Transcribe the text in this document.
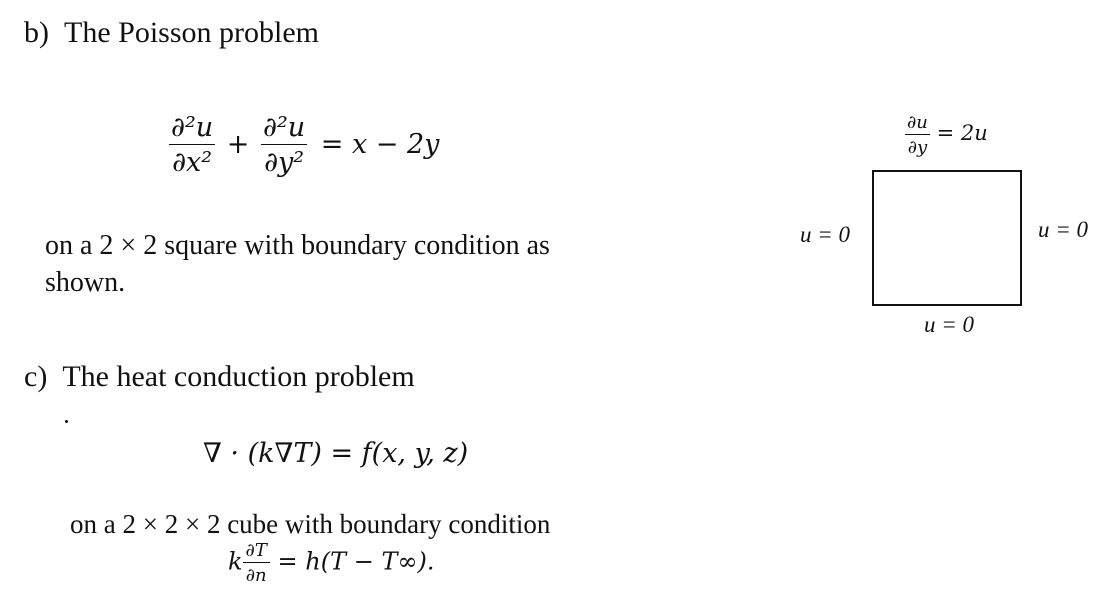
b) The Poisson problem
$\frac{\text{∂²u}}{\text{∂x²}} + \frac{\text{∂²u}}{\text{∂y²}} = x - 2y$
on a 2 × 2 square with boundary condition as
shown.
$\frac{\partial u}{\partial y} = 2u$
u = 0	u = 0
u = 0
c) The heat conduction problem
∇ · (k∇T) = f(x, y, z)
on a 2 × 2 × 2 cube with boundary condition
k $\frac{\partial T}{\partial n} = h(T - T\infty)$.
